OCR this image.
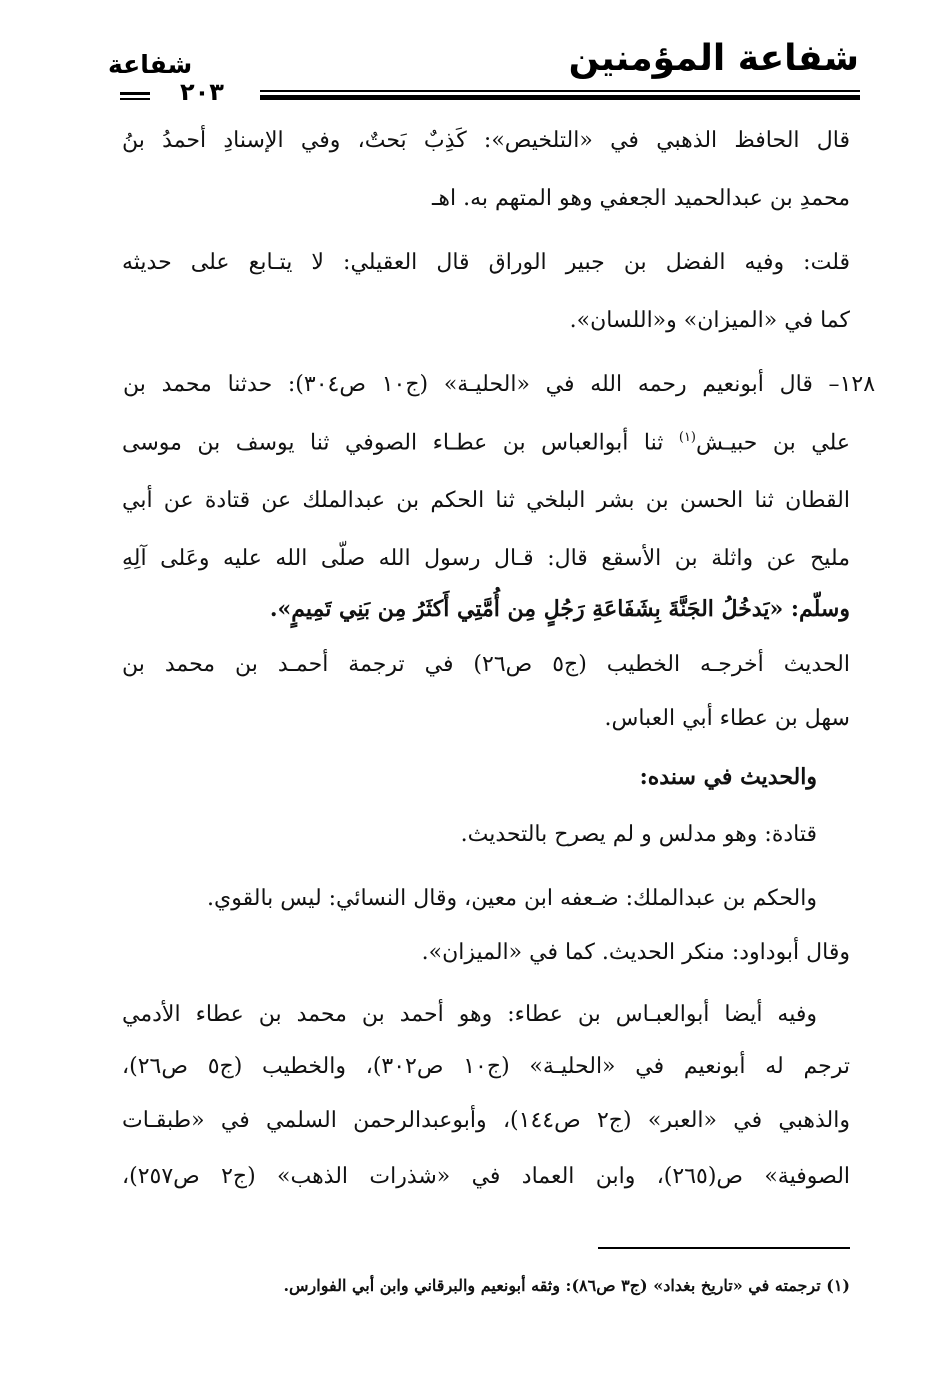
شفاعة المؤمنين
شفاعة
٢٠٣
قال الحافظ الذهبي في «التلخيص»: كَذِبٌ بَحتٌ، وفي الإسنادِ أحمدُ بنُ
محمدِ بن عبدالحميد الجعفي وهو المتهم به. اهـ
قلت: وفيه الفضل بن جبير الوراق قال العقيلي: لا يتـابع على حديثه
كما في «الميزان» و«اللسان».
١٢٨– قال أبونعيم رحمه الله في «الحليـة» (ج١٠ ص٣٠٤): حدثنا محمد بن
علي بن حبيـش$^{(١)}$ ثنا أبوالعباس بن عطـاء الصوفي ثنا يوسف بن موسى
القطان ثنا الحسن بن بشر البلخي ثنا الحكم بن عبدالملك عن قتادة عن أبي
مليح عن واثلة بن الأسقع قال: قـال رسول الله صلّى الله عليه وعَلى آلِهِ
وسلّم: «يَدخُلُ الجَنَّةَ بِشَفَاعَةِ رَجُلٍ مِن أُمَّتِي أَكثَرُ مِن بَنِي تَمِيمٍ».
الحديث أخرجـه الخطيب (ج٥ ص٢٦) في ترجمة أحمـد بن محمد بن
سهل بن عطاء أبي العباس.
والحديث في سنده:
قتادة: وهو مدلس و لم يصرح بالتحديث.
والحكم بن عبدالملك: ضـعفه ابن معين، وقال النسائي: ليس بالقوي.
وقال أبوداود: منكر الحديث. كما في «الميزان».
وفيه أيضا أبوالعبـاس بن عطاء: وهو أحمد بن محمد بن عطاء الأدمي
ترجم له أبونعيم في «الحليـة» (ج١٠ ص٣٠٢)، والخطيب (ج٥ ص٢٦)،
والذهبي في «العبر» (ج٢ ص١٤٤)، وأبوعبدالرحمن السلمي في «طبقـات
الصوفية» ص(٢٦٥)، وابن العماد في «شذرات الذهب» (ج٢ ص٢٥٧)،
(١) ترجمته في «تاريخ بغداد» (ج٣ ص٨٦): وثقه أبونعيم والبرقاني وابن أبي الفوارس.
